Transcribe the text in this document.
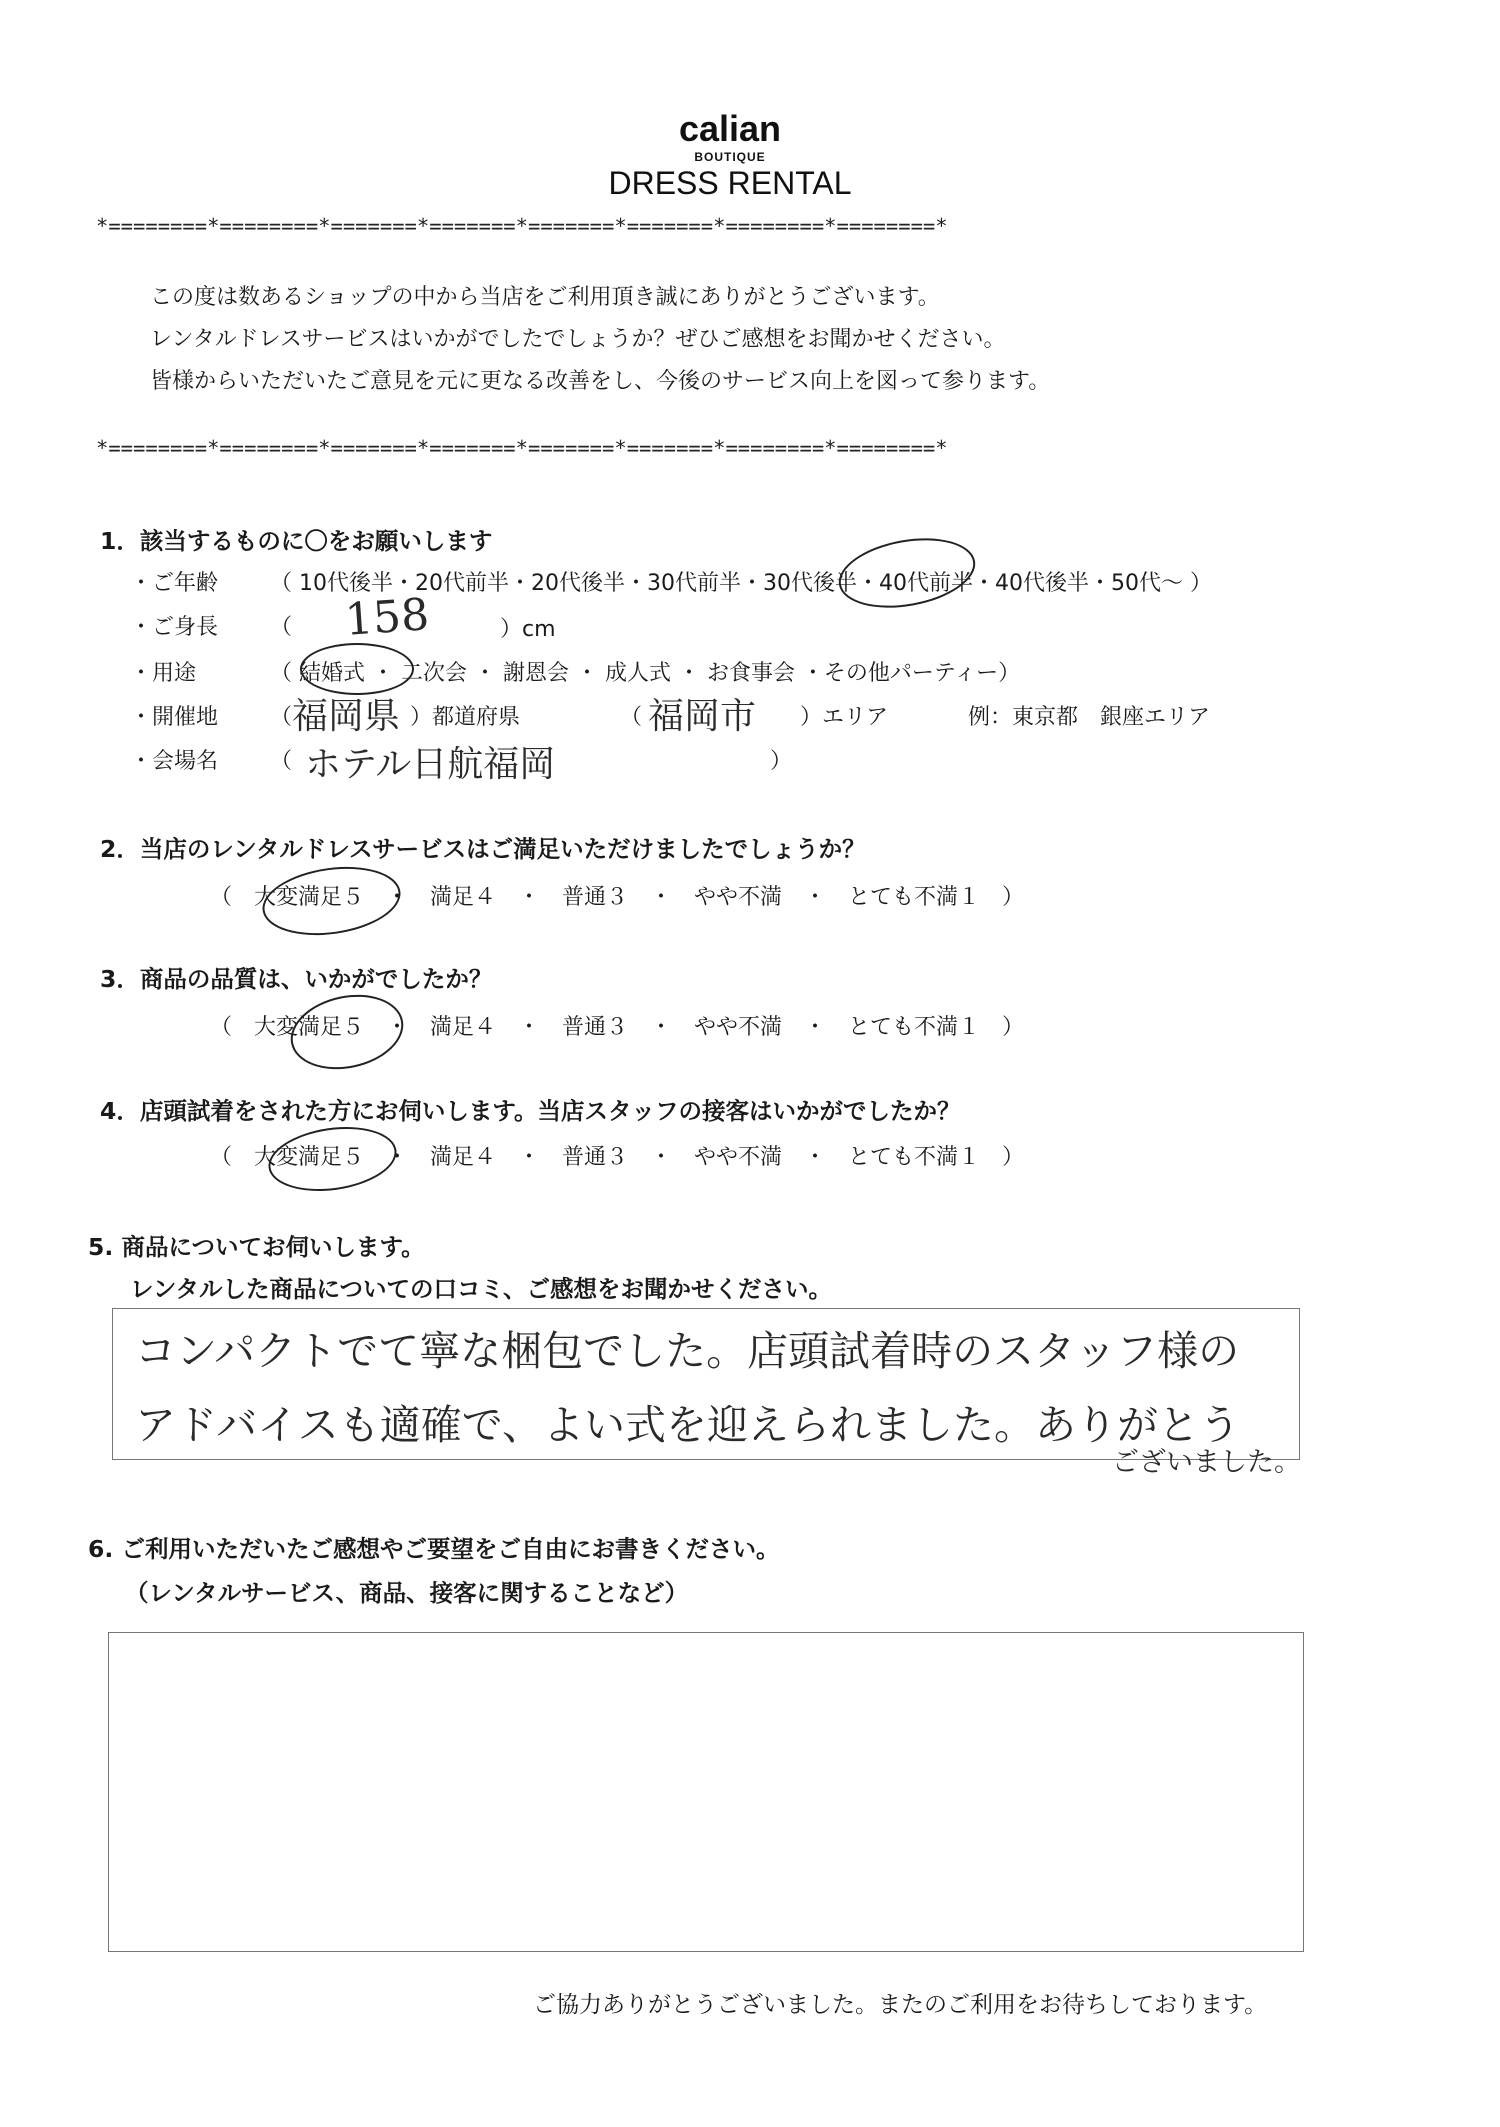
calian
BOUTIQUE
DRESS RENTAL
*========*========*=======*=======*=======*=======*========*========*
この度は数あるショップの中から当店をご利用頂き誠にありがとうございます。
レンタルドレスサービスはいかがでしたでしょうか？ぜひご感想をお聞かせください。
皆様からいただいたご意見を元に更なる改善をし、今後のサービス向上を図って参ります。
*========*========*=======*=======*=======*=======*========*========*
1．該当するものに〇をお願いします
・ご年齢 （ 10代後半・20代前半・20代後半・30代前半・30代後半・40代前半・40代後半・50代～ ）
・ご身長 （ 158	）cm
・用途	（ 結婚式 ・ 二次会 ・ 謝恩会 ・ 成人式 ・ お食事会 ・その他パーティー）
・開催地 （ 福岡県 ）都道府県	（ 福岡市 ）エリア	例：東京都　銀座エリア
・会場名 （ ホテル日航福岡	）
2．当店のレンタルドレスサービスはご満足いただけましたでしょうか？
（　大変満足５　・　満足４　・　普通３　・　やや不満　・　とても不満１　）
3．商品の品質は、いかがでしたか？
（　大変満足５　・　満足４　・　普通３　・　やや不満　・　とても不満１　）
4．店頭試着をされた方にお伺いします。当店スタッフの接客はいかがでしたか？
（　大変満足５　・　満足４　・　普通３　・　やや不満　・　とても不満１　）
5. 商品についてお伺いします。
レンタルした商品についての口コミ、ご感想をお聞かせください。
コンパクトでて寧な梱包でした。店頭試着時のスタッフ様の
アドバイスも適確で、よい式を迎えられました。ありがとう
ございました。
6. ご利用いただいたご感想やご要望をご自由にお書きください。
（レンタルサービス、商品、接客に関することなど）
ご協力ありがとうございました。またのご利用をお待ちしております。
